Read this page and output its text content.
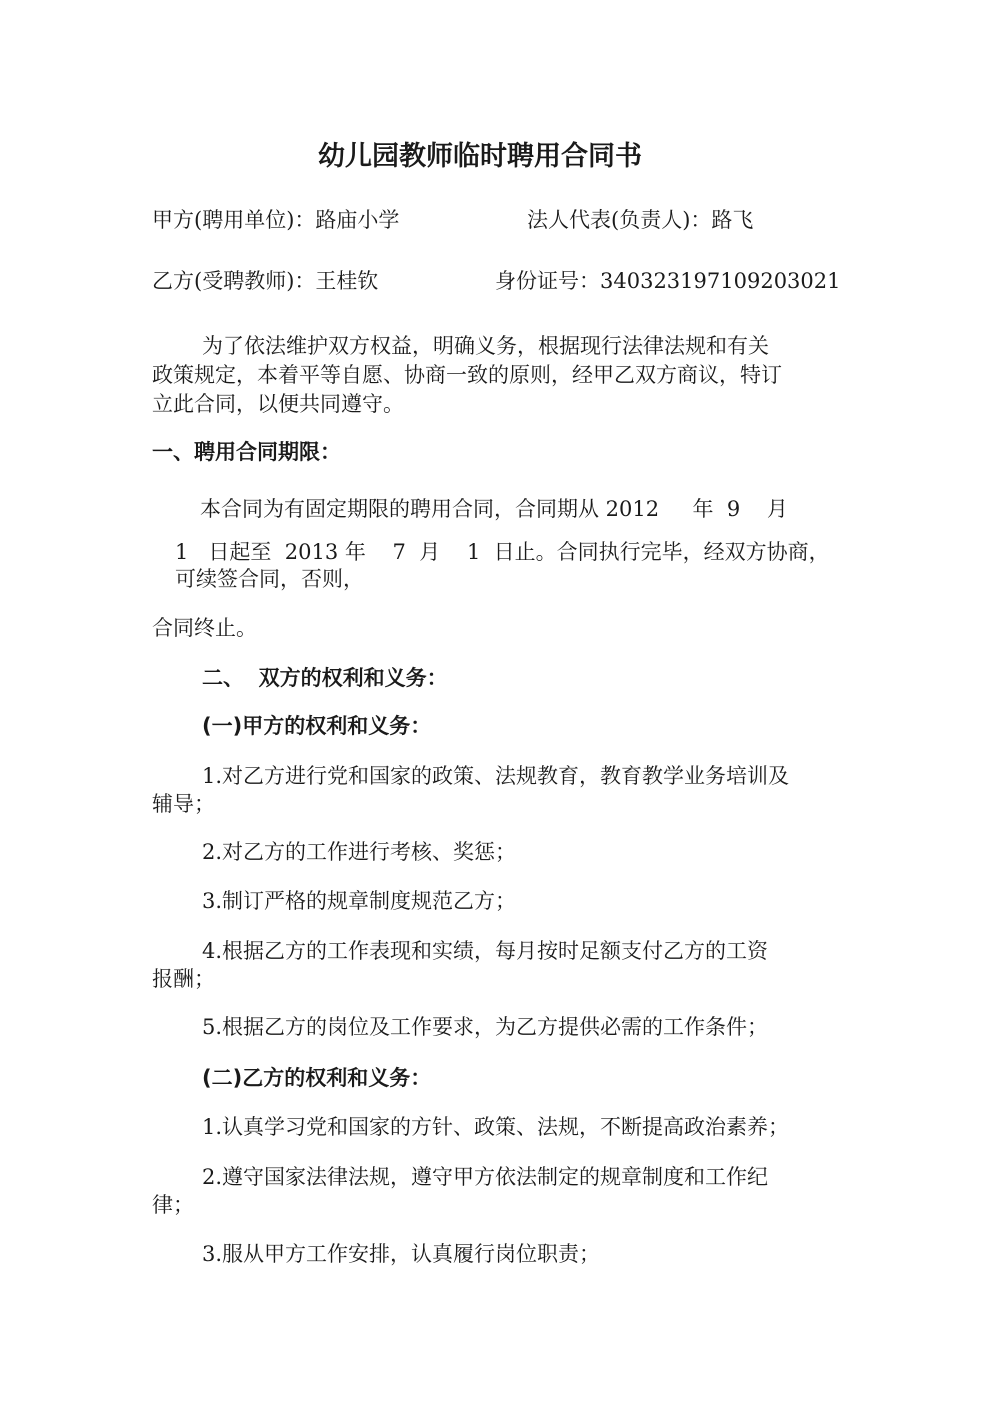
幼儿园教师临时聘用合同书
甲方(聘用单位)：路庙小学	法人代表(负责人)：路飞
乙方(受聘教师)：王桂钦	身份证号：340323197109203021
为了依法维护双方权益，明确义务，根据现行法律法规和有关
政策规定，本着平等自愿、协商一致的原则，经甲乙双方商议，特订
立此合同，以便共同遵守。
一、聘用合同期限：
本合同为有固定期限的聘用合同，合同期从 2012     年  9    月
1   日起至  2013 年    7  月    1  日止。合同执行完毕，经双方协商，
可续签合同，否则，
合同终止。
二、  双方的权利和义务：
(一)甲方的权利和义务：
1.对乙方进行党和国家的政策、法规教育，教育教学业务培训及
辅导；
2.对乙方的工作进行考核、奖惩；
3.制订严格的规章制度规范乙方；
4.根据乙方的工作表现和实绩，每月按时足额支付乙方的工资
报酬；
5.根据乙方的岗位及工作要求，为乙方提供必需的工作条件；
(二)乙方的权利和义务：
1.认真学习党和国家的方针、政策、法规，不断提高政治素养；
2.遵守国家法律法规，遵守甲方依法制定的规章制度和工作纪
律；
3.服从甲方工作安排，认真履行岗位职责；
